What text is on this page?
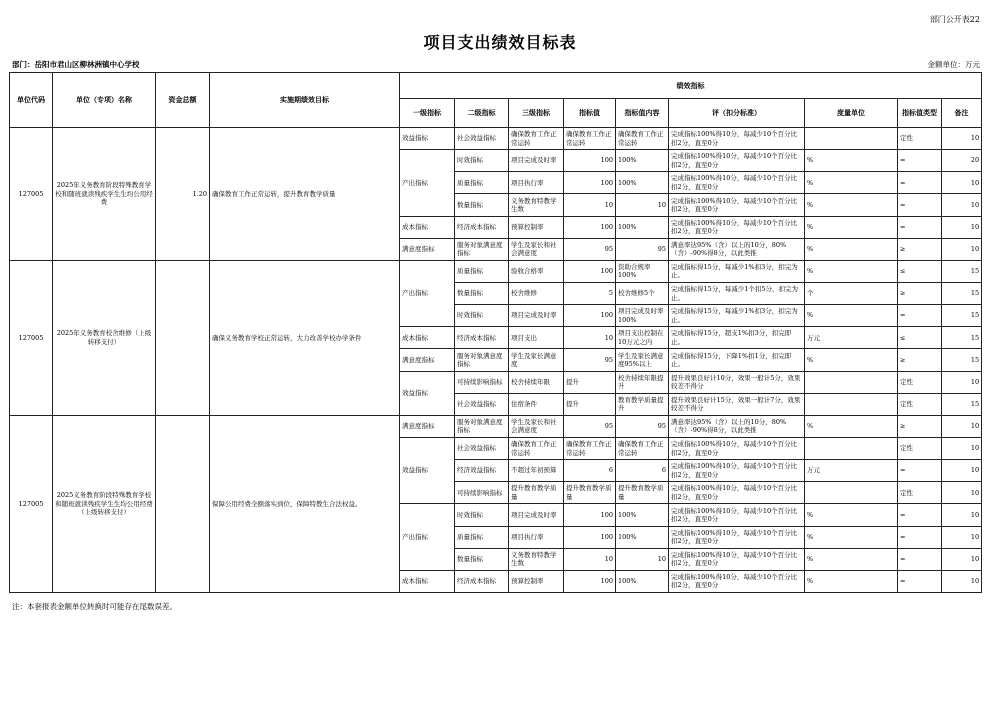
部门公开表22
项目支出绩效目标表
部门：岳阳市君山区柳林洲镇中心学校	金额单位：万元
单位代码	单位（专项）名称	资金总额	实施期绩效目标	绩效指标								
				一级指标	二级指标	三级指标	指标值	指标值内容	评（扣分标准）	度量单位	指标值类型	备注
127005	2025年义务教育阶段特殊教育学校和随班就读残疾学生生均公用经费	1.20	确保教育工作正常运转，提升教育教学质量	效益指标	社会效益指标	确保教育工作正常运转	确保教育工作正常运转	确保教育工作正常运转	完成指标100%得10分，每减少10个百分比扣2分，直至0分		定性	10
				产出指标	时效指标	项目完成及时率	100	100%	完成指标100%得10分，每减少10个百分比扣2分，直至0分	%	=	20
					质量指标	项目执行率	100	100%	完成指标100%得10分，每减少10个百分比扣2分，直至0分	%	=	10
					数量指标	义务教育特教学生数	10	10	完成指标100%得10分，每减少10个百分比扣2分，直至0分	%	=	10
				成本指标	经济成本指标	预算控制率	100	100%	完成指标100%得10分，每减少10个百分比扣2分，直至0分	%	=	10
				满意度指标	服务对象满意度指标	学生及家长和社会满意度	95	95	满意率达95%（含）以上的10分，80%（含）-90%得8分，以此类推	%	≥	10
127005	2025年义务教育校舍维修（上级转移支付）		确保义务教育学校正常运转，大力改善学校办学条件	产出指标	质量指标	验收合格率	100	资助合规率100%	完成指标得15分，每减少1%扣3分，扣完为止。	%	≤	15
					数量指标	校舍维修	5	校舍维修5个	完成指标得15分，每减少1个扣5分，扣完为止。	个	≥	15
					时效指标	项目完成及时率	100	项目完成及时率100%	完成指标得15分，每减少1%扣3分，扣完为止。	%	=	15
				成本指标	经济成本指标	项目支出	10	项目支出控制在10万元之内	完成指标得15分，超支1%扣3分，扣完即止。	万元	≤	15
				满意度指标	服务对象满意度指标	学生及家长满意度	95	学生及家长满意度95%以上	完成指标得15分，下降1%扣1分，扣完即止。	%	≥	15
				效益指标	可持续影响指标	校舍持续年限	提升	校舍持续年限提升	提升效果良好计10分，效果一般计5分，效果较差不得分		定性	10
					社会效益指标	住宿条件	提升	教育教学质量提升	提升效果良好计15分，效果一般计7分，效果较差不得分		定性	15
127005	2025义务教育阶段特殊教育学校和随班就读残疾学生生均公用经费（上级转移支付）		保障公用经费全额落实到位，保障特教生合法权益。	满意度指标	服务对象满意度指标	学生及家长和社会满意度	95	95	满意率达95%（含）以上的10分，80%（含）-90%得8分，以此类推	%	≥	10
				效益指标	社会效益指标	确保教育工作正常运转	确保教育工作正常运转	确保教育工作正常运转	完成指标100%得10分，每减少10个百分比扣2分，直至0分		定性	10
					经济效益指标	不超过年初预算	6	6	完成指标100%得10分，每减少10个百分比扣2分，直至0分	万元	=	10
					可持续影响指标	提升教育教学质量	提升教育教学质量	提升教育教学质量	完成指标100%得10分，每减少10个百分比扣2分，直至0分		定性	10
				产出指标	时效指标	项目完成及时率	100	100%	完成指标100%得10分，每减少10个百分比扣2分，直至0分	%	=	10
					质量指标	项目执行率	100	100%	完成指标100%得10分，每减少10个百分比扣2分，直至0分	%	=	10
					数量指标	义务教育特教学生数	10	10	完成指标100%得10分，每减少10个百分比扣2分，直至0分	%	=	10
				成本指标	经济成本指标	预算控制率	100	100%	完成指标100%得10分，每减少10个百分比扣2分，直至0分	%	=	10
注：本套报表金额单位转换时可能存在尾数误差。
